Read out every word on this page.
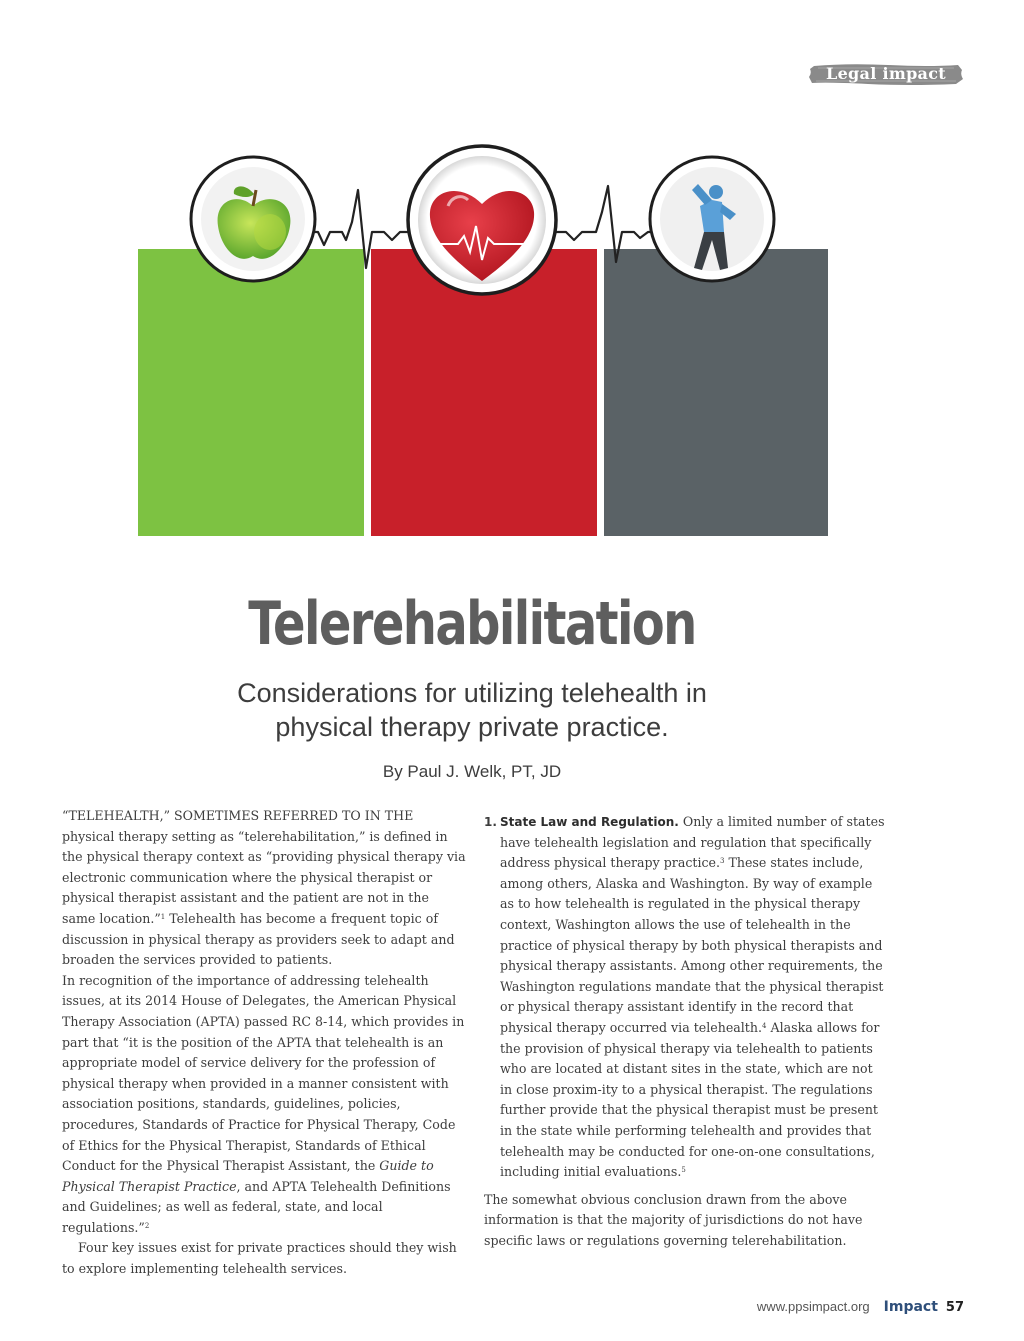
Legal impact
Telerehabilitation
Considerations for utilizing telehealth in
physical therapy private practice.
By Paul J. Welk, PT, JD

“TELEHEALTH,” SOMETIMES REFERRED TO IN THE physical therapy setting as “telerehabilitation,” is defined in the physical therapy context as “providing physical therapy via electronic communication where the physical therapist or physical therapist assistant and the patient are not in the same location.”$^1$ Telehealth has become a frequent topic of discussion in physical therapy as providers seek to adapt and broaden the services provided to patients.

In recognition of the importance of addressing telehealth issues, at its 2014 House of Delegates, the American Physical Therapy Association (APTA) passed RC 8-14, which provides in part that “it is the position of the APTA that telehealth is an appropriate model of service delivery for the profession of physical therapy when provided in a manner consistent with association positions, standards, guidelines, policies, procedures, Standards of Practice for Physical Therapy, Code of Ethics for the Physical Therapist, Standards of Ethical Conduct for the Physical Therapist Assistant, the Guide to Physical Therapist Practice, and APTA Telehealth Definitions and Guidelines; as well as federal, state, and local regulations.”$^2$

Four key issues exist for private practices should they wish to explore implementing telehealth services.

1. State Law and Regulation. Only a limited number of states have telehealth legislation and regulation that specifically address physical therapy practice.$^3$ These states include, among others, Alaska and Washington. By way of example as to how telehealth is regulated in the physical therapy context, Washington allows the use of telehealth in the practice of physical therapy by both physical therapists and physical therapy assistants. Among other requirements, the Washington regulations mandate that the physical therapist or physical therapy assistant identify in the record that physical therapy occurred via telehealth.$^4$ Alaska allows for the provision of physical therapy via telehealth to patients who are located at distant sites in the state, which are not in close proxim-ity to a physical therapist. The regulations further provide that the physical therapist must be present in the state while performing telehealth and provides that telehealth may be conducted for one-on-one consultations, including initial evaluations.$^5$

The somewhat obvious conclusion drawn from the above information is that the majority of jurisdictions do not have specific laws or regulations governing telerehabilitation.

www.ppsimpact.org Impact 57
